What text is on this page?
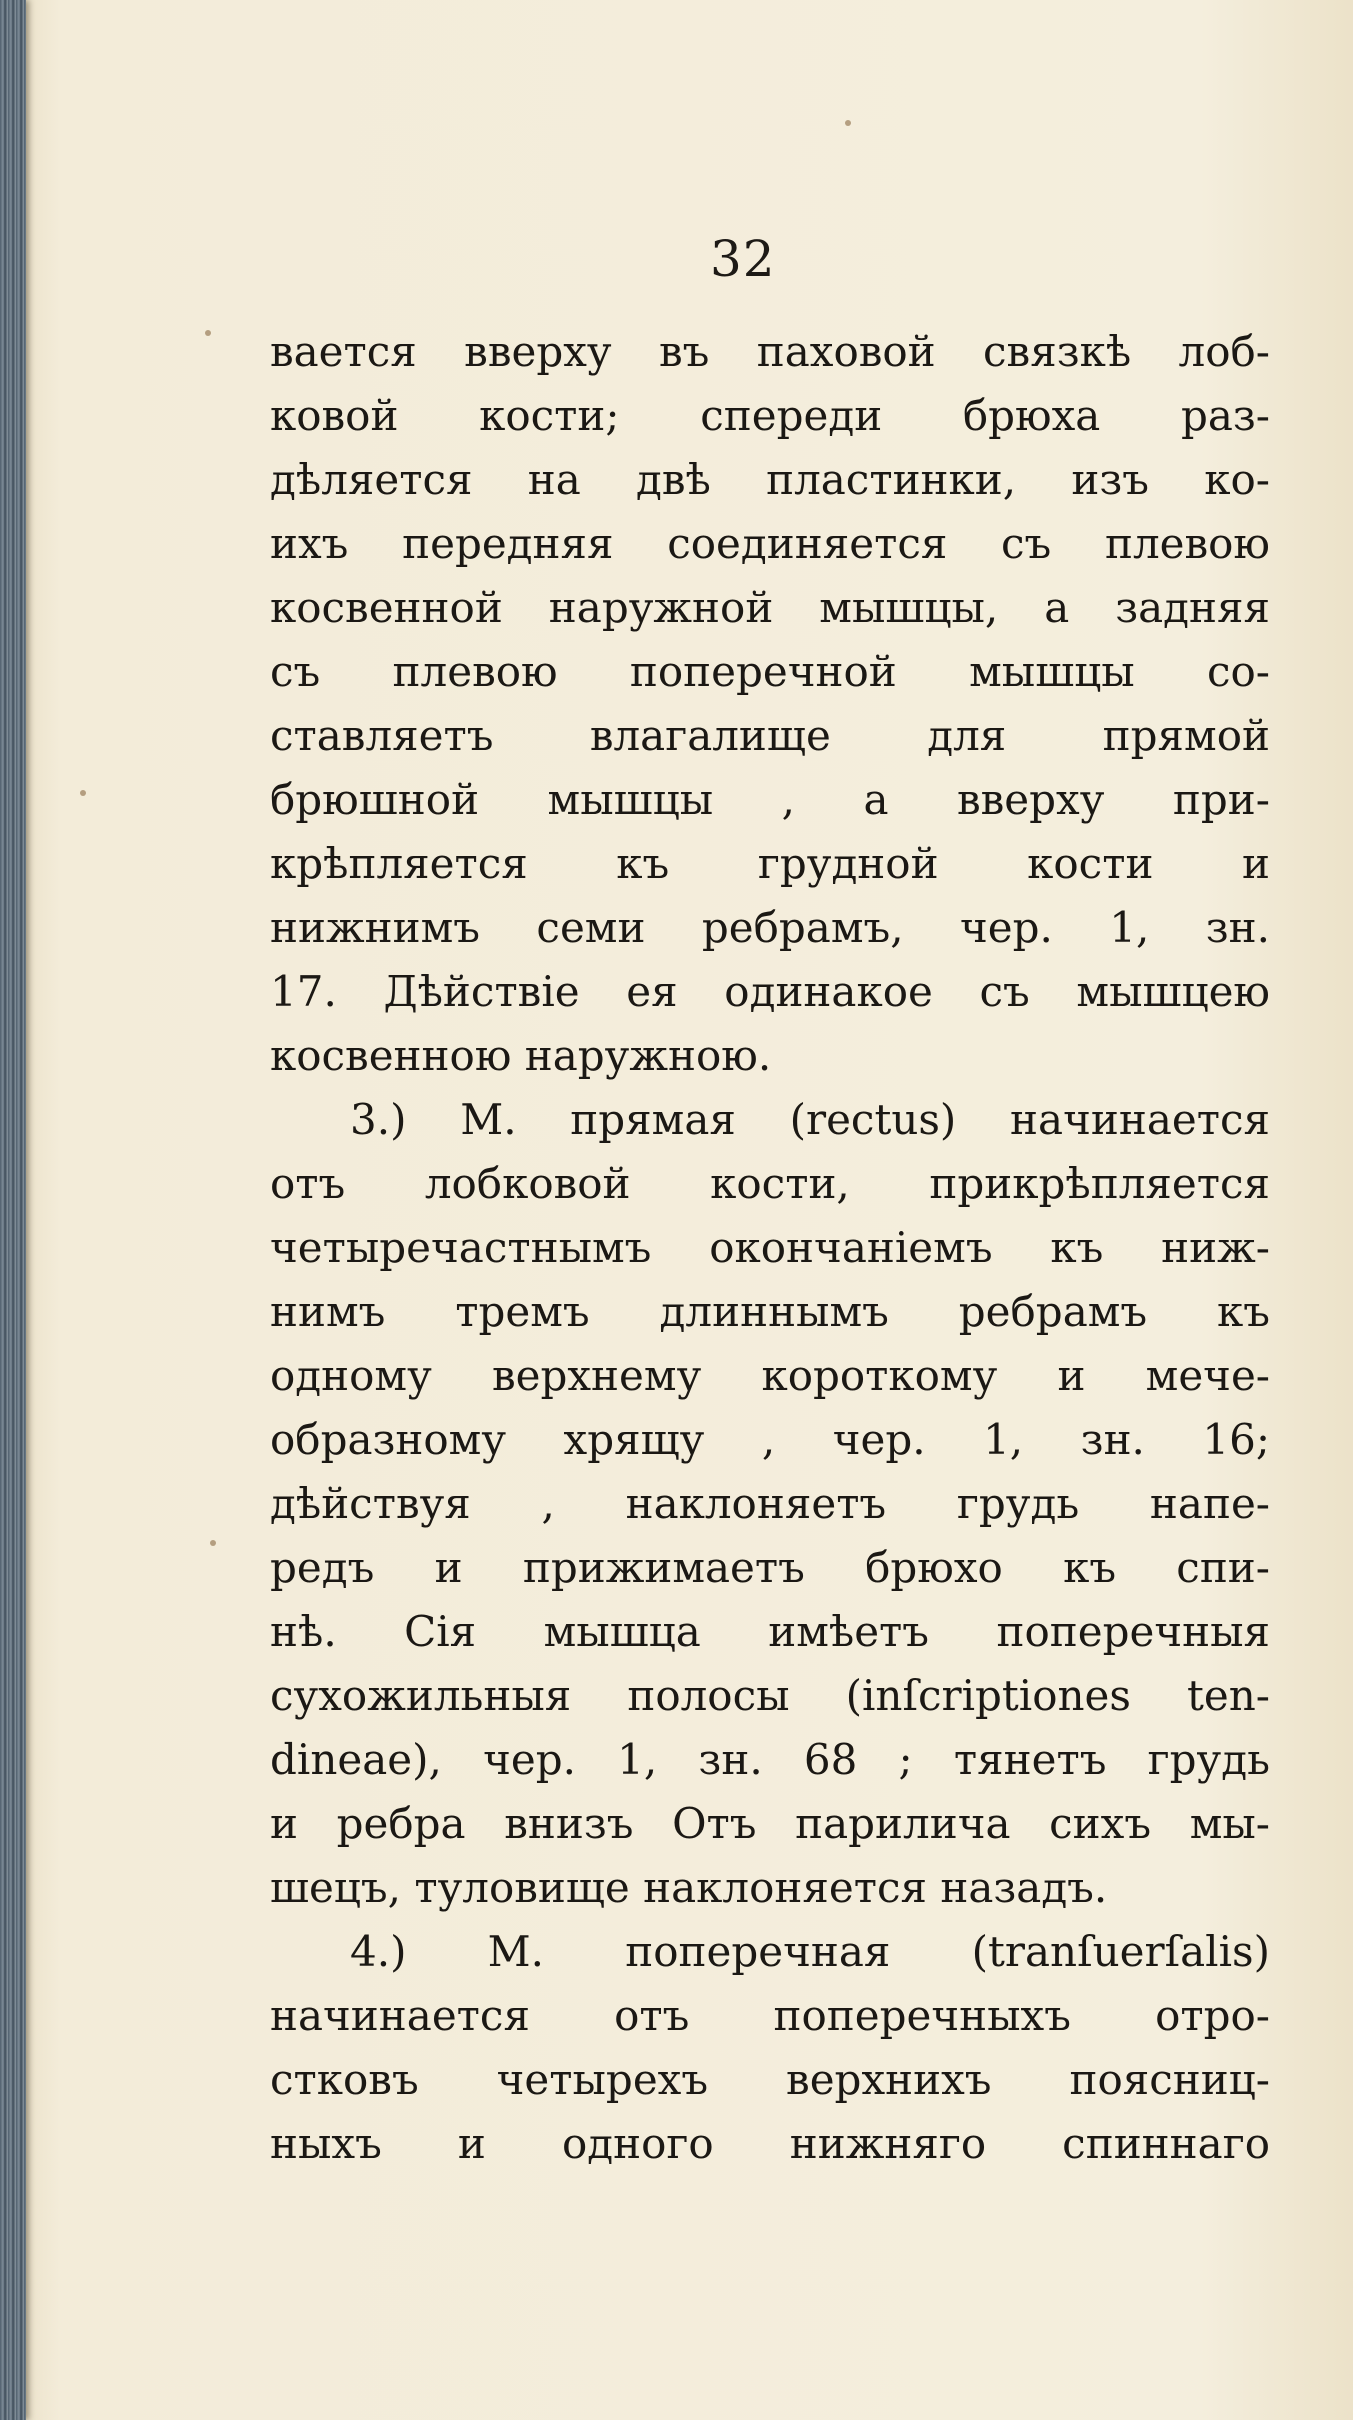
32
вается вверху въ паховой связкѣ лоб-
ковой кости; спереди брюха раз-
дѣляется на двѣ пластинки, изъ ко-
ихъ передняя соединяется съ плевою
косвенной наружной мышцы, а задняя
съ плевою поперечной мышцы со-
ставляетъ влагалище для прямой
брюшной мышцы , а вверху при-
крѣпляется къ грудной кости и
нижнимъ семи ребрамъ, чер. 1, зн.
17. Дѣйствіе ея одинакое съ мышцею
косвенною наружною.
3.) М. прямая (rectus) начинается
отъ лобковой кости, прикрѣпляется
четыречастнымъ окончаніемъ къ ниж-
нимъ тремъ длиннымъ ребрамъ къ
одному верхнему короткому и мече-
образному хрящу , чер. 1, зн. 16;
дѣйствуя , наклоняетъ грудь напе-
редъ и прижимаетъ брюхо къ спи-
нѣ. Сія мышца имѣетъ поперечныя
сухожильныя полосы (inſcriptiones ten-
dineae), чер. 1, зн. 68 ; тянетъ грудь
и ребра внизъ Отъ парилича сихъ мы-
шецъ, туловище наклоняется назадъ.
4.) М. поперечная (tranſuerſalis)
начинается отъ поперечныхъ отро-
стковъ четырехъ верхнихъ поясниц-
ныхъ и одного нижняго спиннаго
